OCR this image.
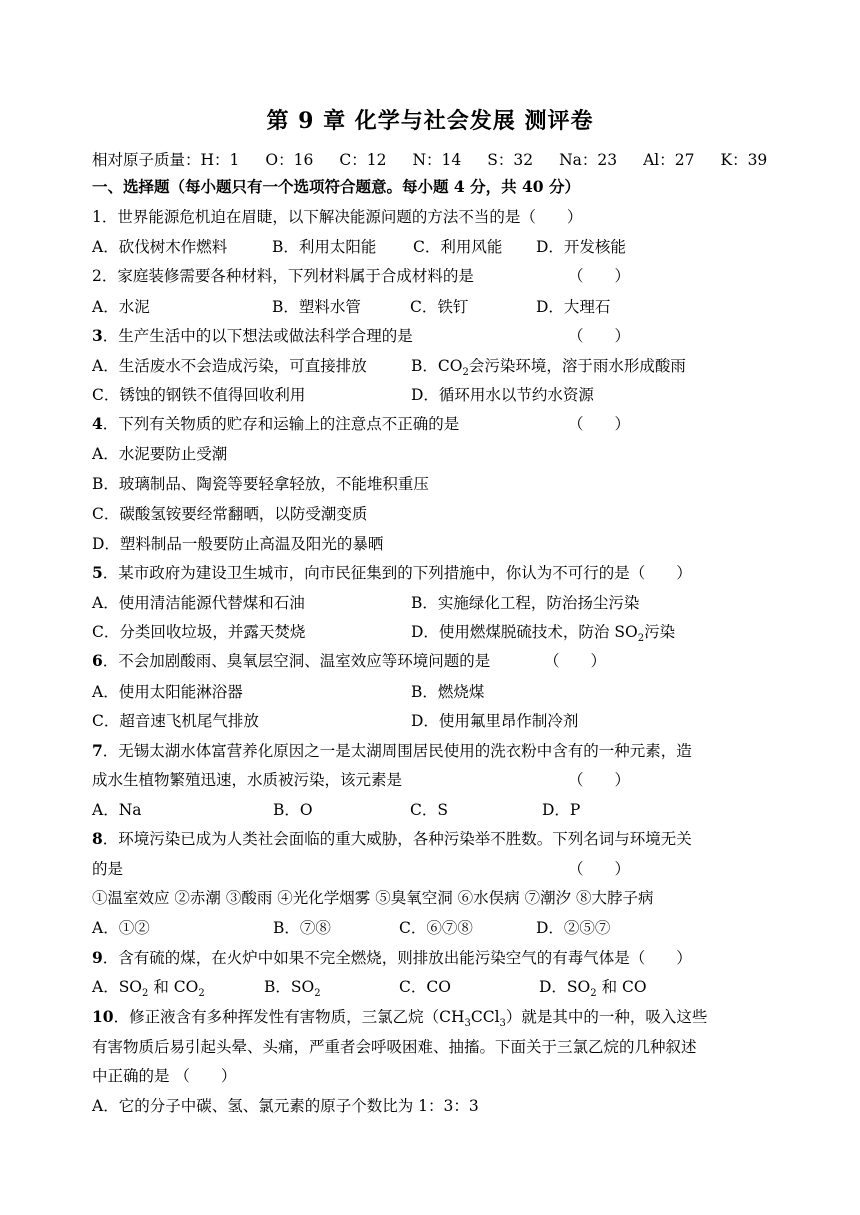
第 9 章 化学与社会发展 测评卷
相对原子质量：H：1 O：16 C：12 N：14 S：32 Na：23 Al：27 K：39
一、选择题（每小题只有一个选项符合题意。每小题 4 分，共 40 分）
1．世界能源危机迫在眉睫，以下解决能源问题的方法不当的是（　　）
A．砍伐树木作燃料	B．利用太阳能 C．利用风能 D．开发核能
2．家庭装修需要各种材料，下列材料属于合成材料的是	（　　）
A．水泥	B．塑料水管	C．铁钉	D．大理石
3．生产生活中的以下想法或做法科学合理的是	（　　）
A．生活废水不会造成污染，可直接排放	B．$CO_2$会污染环境，溶于雨水形成酸雨
C．锈蚀的钢铁不值得回收利用	D．循环用水以节约水资源
4．下列有关物质的贮存和运输上的注意点不正确的是	（　　）
A．水泥要防止受潮
B．玻璃制品、陶瓷等要轻拿轻放，不能堆积重压
C．碳酸氢铵要经常翻晒，以防受潮变质
D．塑料制品一般要防止高温及阳光的暴晒
5．某市政府为建设卫生城市，向市民征集到的下列措施中，你认为不可行的是（　　）
A．使用清洁能源代替煤和石油	B．实施绿化工程，防治扬尘污染
C．分类回收垃圾，并露天焚烧	D．使用燃煤脱硫技术，防治 $SO_2$污染
6．不会加剧酸雨、臭氧层空洞、温室效应等环境问题的是	（　　）
A．使用太阳能淋浴器	B．燃烧煤
C．超音速飞机尾气排放	D．使用氟里昂作制冷剂
7．无锡太湖水体富营养化原因之一是太湖周围居民使用的洗衣粉中含有的一种元素，造
成水生植物繁殖迅速，水质被污染，该元素是	（　　）
A．Na	B．O	C．S	D．P
8．环境污染已成为人类社会面临的重大威胁，各种污染举不胜数。下列名词与环境无关
的是	（　　）
①温室效应 ②赤潮 ③酸雨 ④光化学烟雾 ⑤臭氧空洞 ⑥水俣病 ⑦潮汐 ⑧大脖子病
A．①②	B．⑦⑧	C．⑥⑦⑧	D．②⑤⑦
9．含有硫的煤，在火炉中如果不完全燃烧，则排放出能污染空气的有毒气体是（　　）
A．$SO_2$ 和 $CO_2$	B．$SO_2$	C．CO	D．$SO_2$ 和 CO
10．修正液含有多种挥发性有害物质，三氯乙烷$(CH_3CCl_3)$就是其中的一种，吸入这些
有害物质后易引起头晕、头痛，严重者会呼吸困难、抽搐。下面关于三氯乙烷的几种叙述
中正确的是 （　　）
A．它的分子中碳、氢、氯元素的原子个数比为 1：3：3
